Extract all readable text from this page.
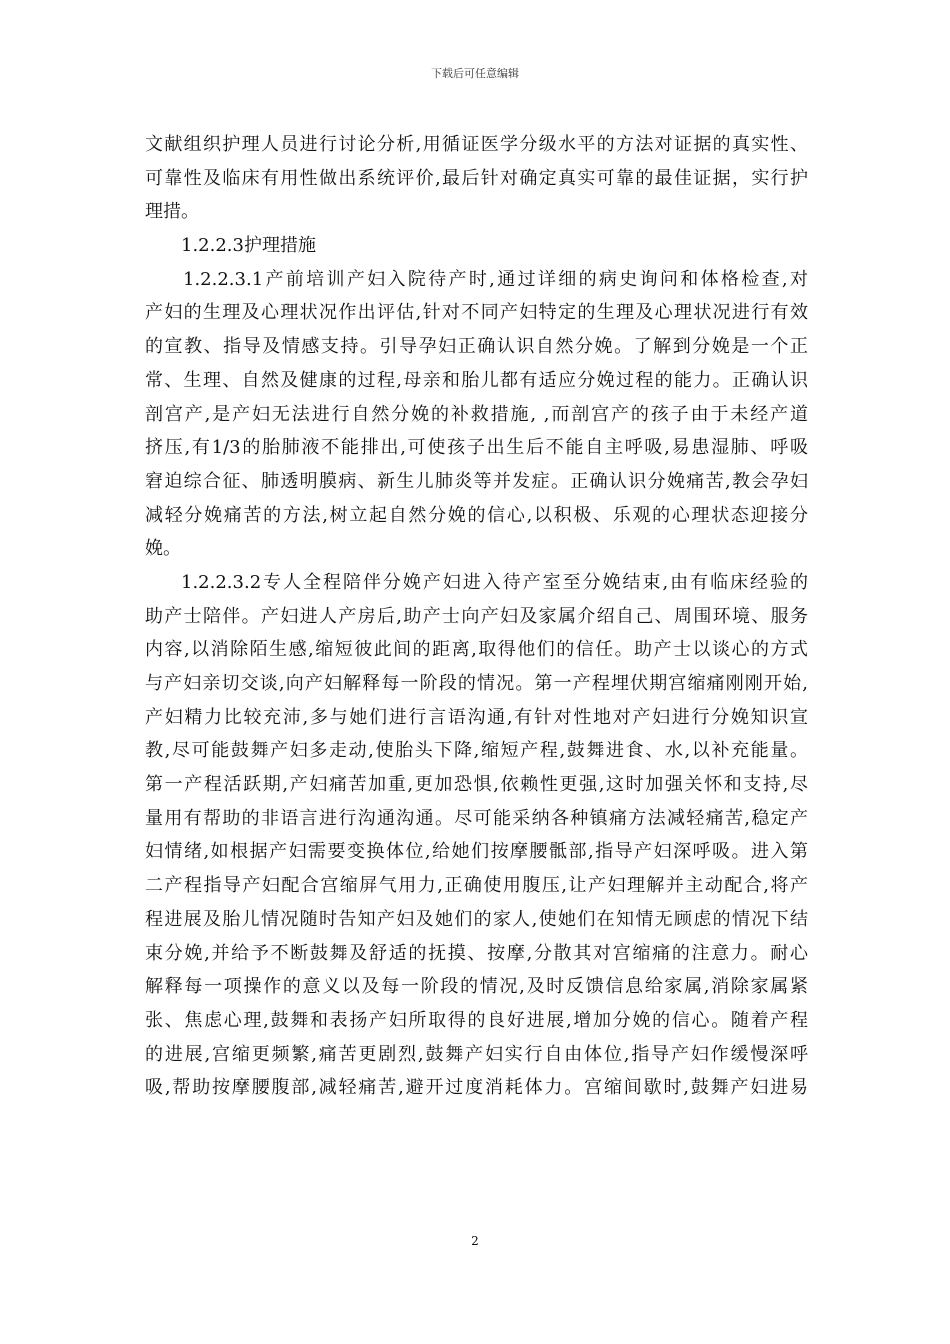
下载后可任意编辑
文献组织护理人员进行讨论分析,用循证医学分级水平的方法对证据的真实性、
可靠性及临床有用性做出系统评价,最后针对确定真实可靠的最佳证据，实行护
理措。
1.2.2.3护理措施
1.2.2.3.1产前培训产妇入院待产时,通过详细的病史询问和体格检查,对
产妇的生理及心理状况作出评估,针对不同产妇特定的生理及心理状况进行有效
的宣教、指导及情感支持。引导孕妇正确认识自然分娩。了解到分娩是一个正
常、生理、自然及健康的过程,母亲和胎儿都有适应分娩过程的能力。正确认识
剖宫产,是产妇无法进行自然分娩的补救措施, ,而剖宫产的孩子由于未经产道
挤压,有1/3的胎肺液不能排出,可使孩子出生后不能自主呼吸,易患湿肺、呼吸
窘迫综合征、肺透明膜病、新生儿肺炎等并发症。正确认识分娩痛苦,教会孕妇
减轻分娩痛苦的方法,树立起自然分娩的信心,以积极、乐观的心理状态迎接分
娩。
1.2.2.3.2专人全程陪伴分娩产妇进入待产室至分娩结束,由有临床经验的
助产士陪伴。产妇进人产房后,助产士向产妇及家属介绍自己、周围环境、服务
内容,以消除陌生感,缩短彼此间的距离,取得他们的信任。助产士以谈心的方式
与产妇亲切交谈,向产妇解释每一阶段的情况。第一产程埋伏期宫缩痛刚刚开始,
产妇精力比较充沛,多与她们进行言语沟通,有针对性地对产妇进行分娩知识宣
教,尽可能鼓舞产妇多走动,使胎头下降,缩短产程,鼓舞进食、水,以补充能量。
第一产程活跃期,产妇痛苦加重,更加恐惧,依赖性更强,这时加强关怀和支持,尽
量用有帮助的非语言进行沟通沟通。尽可能采纳各种镇痛方法减轻痛苦,稳定产
妇情绪,如根据产妇需要变换体位,给她们按摩腰骶部,指导产妇深呼吸。进入第
二产程指导产妇配合宫缩屏气用力,正确使用腹压,让产妇理解并主动配合,将产
程进展及胎儿情况随时告知产妇及她们的家人,使她们在知情无顾虑的情况下结
束分娩,并给予不断鼓舞及舒适的抚摸、按摩,分散其对宫缩痛的注意力。耐心
解释每一项操作的意义以及每一阶段的情况,及时反馈信息给家属,消除家属紧
张、焦虑心理,鼓舞和表扬产妇所取得的良好进展,增加分娩的信心。随着产程
的进展,宫缩更频繁,痛苦更剧烈,鼓舞产妇实行自由体位,指导产妇作缓慢深呼
吸,帮助按摩腰腹部,减轻痛苦,避开过度消耗体力。宫缩间歇时,鼓舞产妇进易
2
